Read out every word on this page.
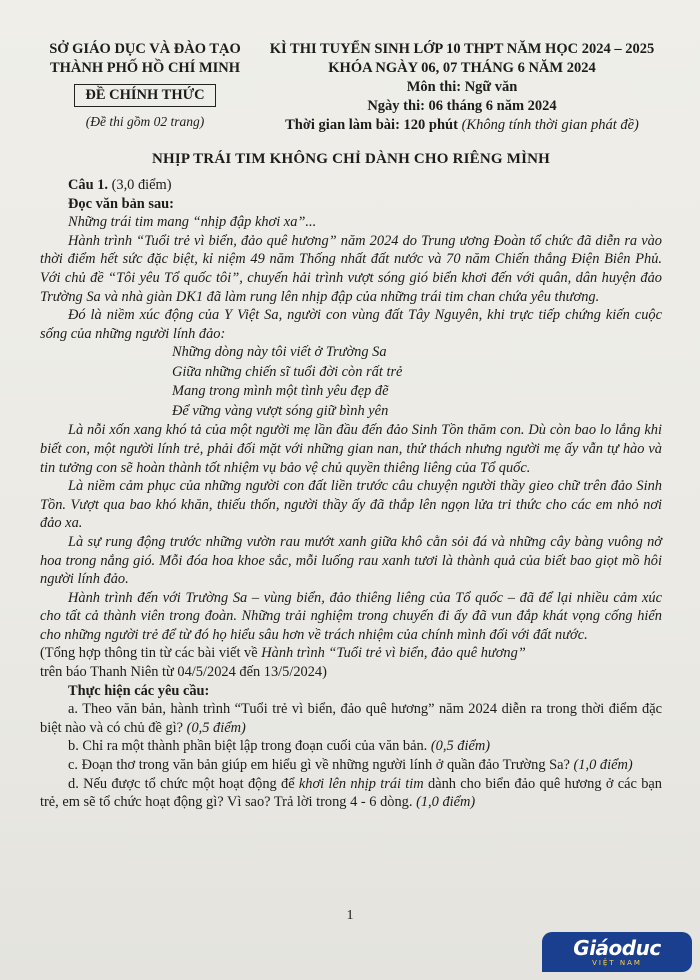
SỞ GIÁO DỤC VÀ ĐÀO TẠO
THÀNH PHỐ HỒ CHÍ MINH
ĐỀ CHÍNH THỨC
(Đề thi gồm 02 trang)
KÌ THI TUYỂN SINH LỚP 10 THPT NĂM HỌC 2024 – 2025
KHÓA NGÀY 06, 07 THÁNG 6 NĂM 2024
Môn thi: Ngữ văn
Ngày thi: 06 tháng 6 năm 2024
Thời gian làm bài: 120 phút (Không tính thời gian phát đề)
NHỊP TRÁI TIM KHÔNG CHỈ DÀNH CHO RIÊNG MÌNH

Câu 1. (3,0 điểm)

Đọc văn bản sau:

Những trái tim mang “nhịp đập khơi xa”...

Hành trình “Tuổi trẻ vì biển, đảo quê hương” năm 2024 do Trung ương Đoàn tổ chức đã diễn ra vào thời điểm hết sức đặc biệt, kỉ niệm 49 năm Thống nhất đất nước và 70 năm Chiến thắng Điện Biên Phủ. Với chủ đề “Tôi yêu Tổ quốc tôi”, chuyến hải trình vượt sóng gió biển khơi đến với quân, dân huyện đảo Trường Sa và nhà giàn DK1 đã làm rung lên nhịp đập của những trái tim chan chứa yêu thương.

Đó là niềm xúc động của Y Việt Sa, người con vùng đất Tây Nguyên, khi trực tiếp chứng kiến cuộc sống của những người lính đảo:

Những dòng này tôi viết ở Trường Sa
Giữa những chiến sĩ tuổi đời còn rất trẻ
Mang trong mình một tình yêu đẹp đẽ
Để vững vàng vượt sóng giữ bình yên

Là nỗi xốn xang khó tả của một người mẹ lần đầu đến đảo Sinh Tồn thăm con. Dù còn bao lo lắng khi biết con, một người lính trẻ, phải đối mặt với những gian nan, thử thách nhưng người mẹ ấy vẫn tự hào và tin tưởng con sẽ hoàn thành tốt nhiệm vụ bảo vệ chủ quyền thiêng liêng của Tổ quốc.

Là niềm cảm phục của những người con đất liền trước câu chuyện người thầy gieo chữ trên đảo Sinh Tồn. Vượt qua bao khó khăn, thiếu thốn, người thầy ấy đã thắp lên ngọn lửa tri thức cho các em nhỏ nơi đảo xa.

Là sự rung động trước những vườn rau mướt xanh giữa khô cằn sỏi đá và những cây bàng vuông nở hoa trong nắng gió. Mỗi đóa hoa khoe sắc, mỗi luống rau xanh tươi là thành quả của biết bao giọt mồ hôi người lính đảo.

Hành trình đến với Trường Sa – vùng biển, đảo thiêng liêng của Tổ quốc – đã để lại nhiều cảm xúc cho tất cả thành viên trong đoàn. Những trải nghiệm trong chuyến đi ấy đã vun đắp khát vọng cống hiến cho những người trẻ để từ đó họ hiểu sâu hơn về trách nhiệm của chính mình đối với đất nước.

(Tổng hợp thông tin từ các bài viết về Hành trình “Tuổi trẻ vì biển, đảo quê hương”

trên báo Thanh Niên từ 04/5/2024 đến 13/5/2024)

Thực hiện các yêu cầu:

a. Theo văn bản, hành trình “Tuổi trẻ vì biển, đảo quê hương” năm 2024 diễn ra trong thời điểm đặc biệt nào và có chủ đề gì? (0,5 điểm)

b. Chỉ ra một thành phần biệt lập trong đoạn cuối của văn bản. (0,5 điểm)

c. Đoạn thơ trong văn bản giúp em hiểu gì về những người lính ở quần đảo Trường Sa? (1,0 điểm)

d. Nếu được tổ chức một hoạt động để khơi lên nhịp trái tim dành cho biển đảo quê hương ở các bạn trẻ, em sẽ tổ chức hoạt động gì? Vì sao? Trả lời trong 4 - 6 dòng. (1,0 điểm)

1
Giáoduc
VIỆT NAM
